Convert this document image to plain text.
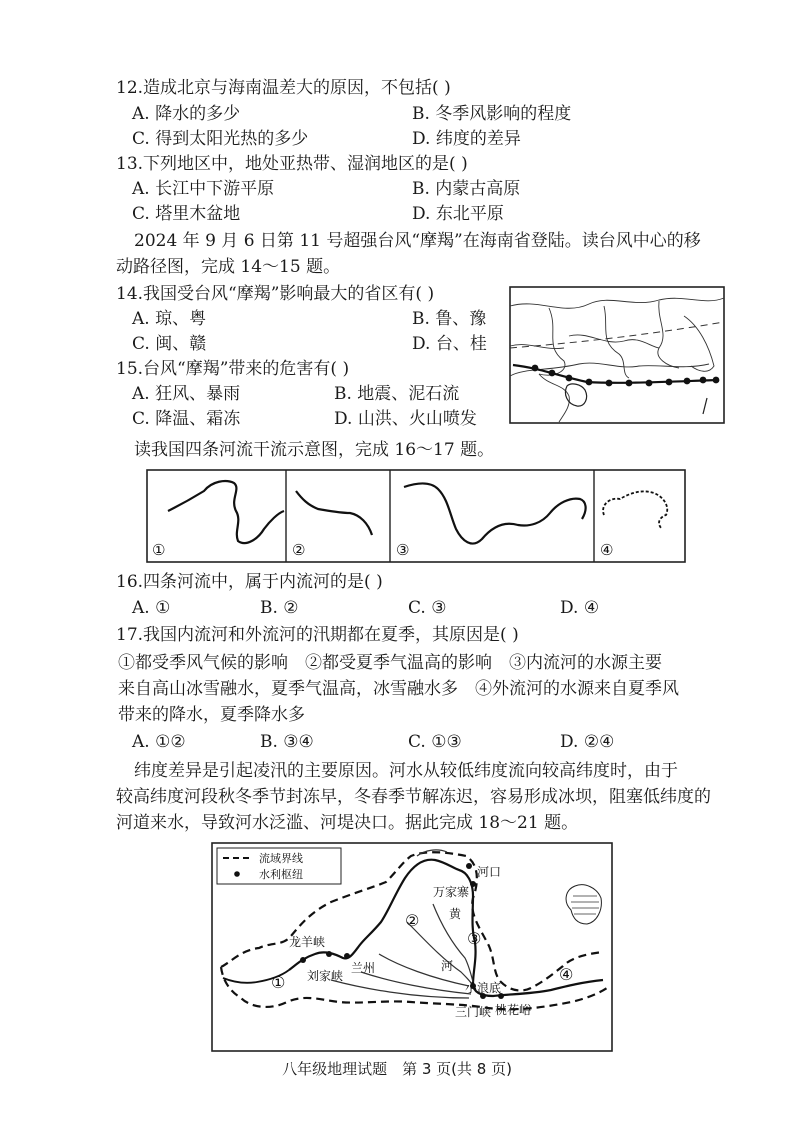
12.造成北京与海南温差大的原因，不包括( )
A. 降水的多少	B. 冬季风影响的程度
C. 得到太阳光热的多少	D. 纬度的差异
13.下列地区中，地处亚热带、湿润地区的是( )
A. 长江中下游平原	B. 内蒙古高原
C. 塔里木盆地	D. 东北平原
2024 年 9 月 6 日第 11 号超强台风“摩羯”在海南省登陆。读台风中心的移
动路径图，完成 14～15 题。
14.我国受台风“摩羯”影响最大的省区有( )
A. 琼、粤	B. 鲁、豫
C. 闽、赣	D. 台、桂
15.台风“摩羯”带来的危害有( )
A. 狂风、暴雨	B. 地震、泥石流
C. 降温、霜冻	D. 山洪、火山喷发
读我国四条河流干流示意图，完成 16～17 题。
①	②	③	④
16.四条河流中，属于内流河的是( )
A. ①	B. ②	C. ③	D. ④
17.我国内流河和外流河的汛期都在夏季，其原因是( )
①都受季风气候的影响　②都受夏季气温高的影响　③内流河的水源主要
来自高山冰雪融水，夏季气温高，冰雪融水多　④外流河的水源来自夏季风
带来的降水，夏季降水多
A. ①②	B. ③④	C. ①③	D. ②④
纬度差异是引起凌汛的主要原因。河水从较低纬度流向较高纬度时，由于
较高纬度河段秋冬季节封冻早，冬春季节解冻迟，容易形成冰坝，阻塞低纬度的
河道来水，导致河水泛滥、河堤决口。据此完成 18～21 题。
流域界线
水利枢纽	河口
万家寨
黄
河
龙羊峡
刘家峡
兰州
小浪底
三门峡 桃花峪
①
②
③
④
八年级地理试题　第 3 页(共 8 页)
